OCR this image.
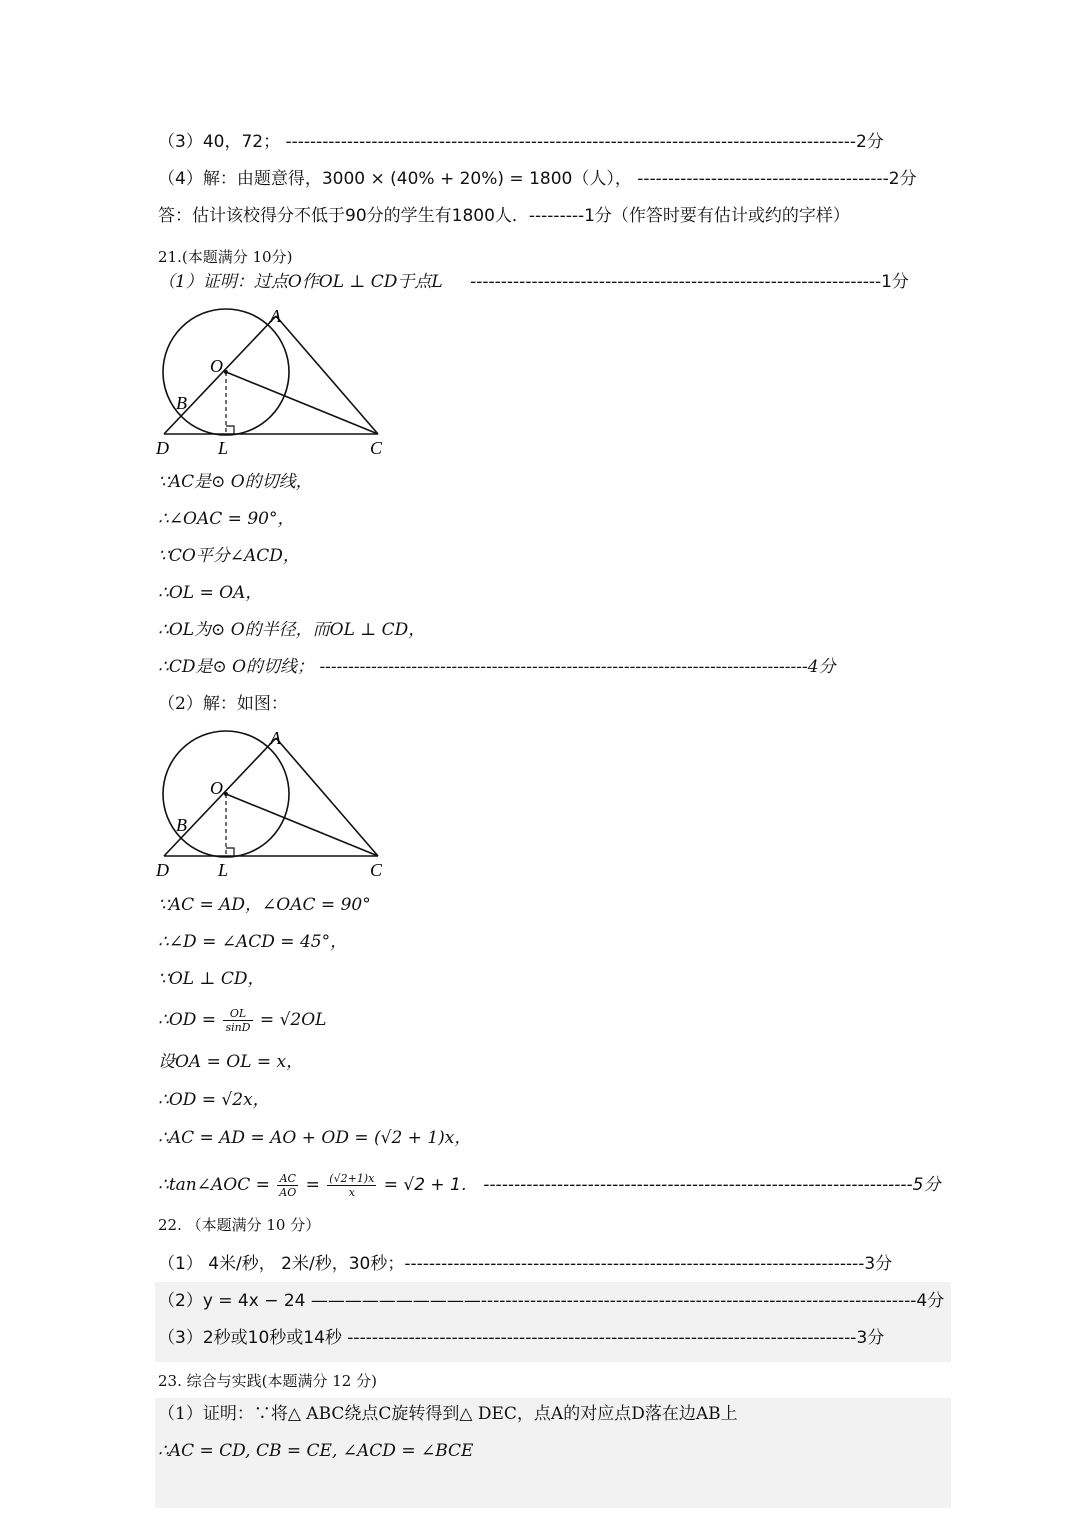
（3）40，72； ---------------------------------------------------------------------------------------------2分
（4）解：由题意得，3000 × (40% + 20%) = 1800（人）， -----------------------------------------2分
答：估计该校得分不低于90分的学生有1800人．---------1分（作答时要有估计或约的字样）
21.(本题满分 10分)
（1）证明：过点O作OL ⊥ CD于点L -------------------------------------------------------------------1分
A
O
B
D	L	C
∵AC是⊙ O的切线，
∴∠OAC = 90°，
∵CO平分∠ACD，
∴OL = OA，
∴OL为⊙ O的半径，而OL ⊥ CD，
∴CD是⊙ O的切线； -------------------------------------------------------------------------------------4分
（2）解：如图：
A
O
B
D	L	C
∵AC = AD，∠OAC = 90°
∴∠D = ∠ACD = 45°，
∵OL ⊥ CD，
∴OD = $\frac{OL}{\sin D} = √2OL$
设OA = OL = x，
∴OD = √2x，
∴AC = AD = AO + OD = (√2 + 1)x，
∴tan∠AOC = $\frac{AC}{AO} = \frac{(√2+1)x}{x} = √2 + 1$． ----------------------------------------------------------------------5分
22. （本题满分 10 分）
（1） 4米/秒， 2米/秒，30秒；---------------------------------------------------------------------------3分
（2）y = 4x − 24 ——————————-----------------------------------------------------------------------4分
（3）2秒或10秒或14秒 -----------------------------------------------------------------------------------3分
23. 综合与实践(本题满分 12 分)
（1）证明：∵将△ ABC绕点C旋转得到△ DEC，点A的对应点D落在边AB上
∴AC = CD, CB = CE, ∠ACD = ∠BCE
